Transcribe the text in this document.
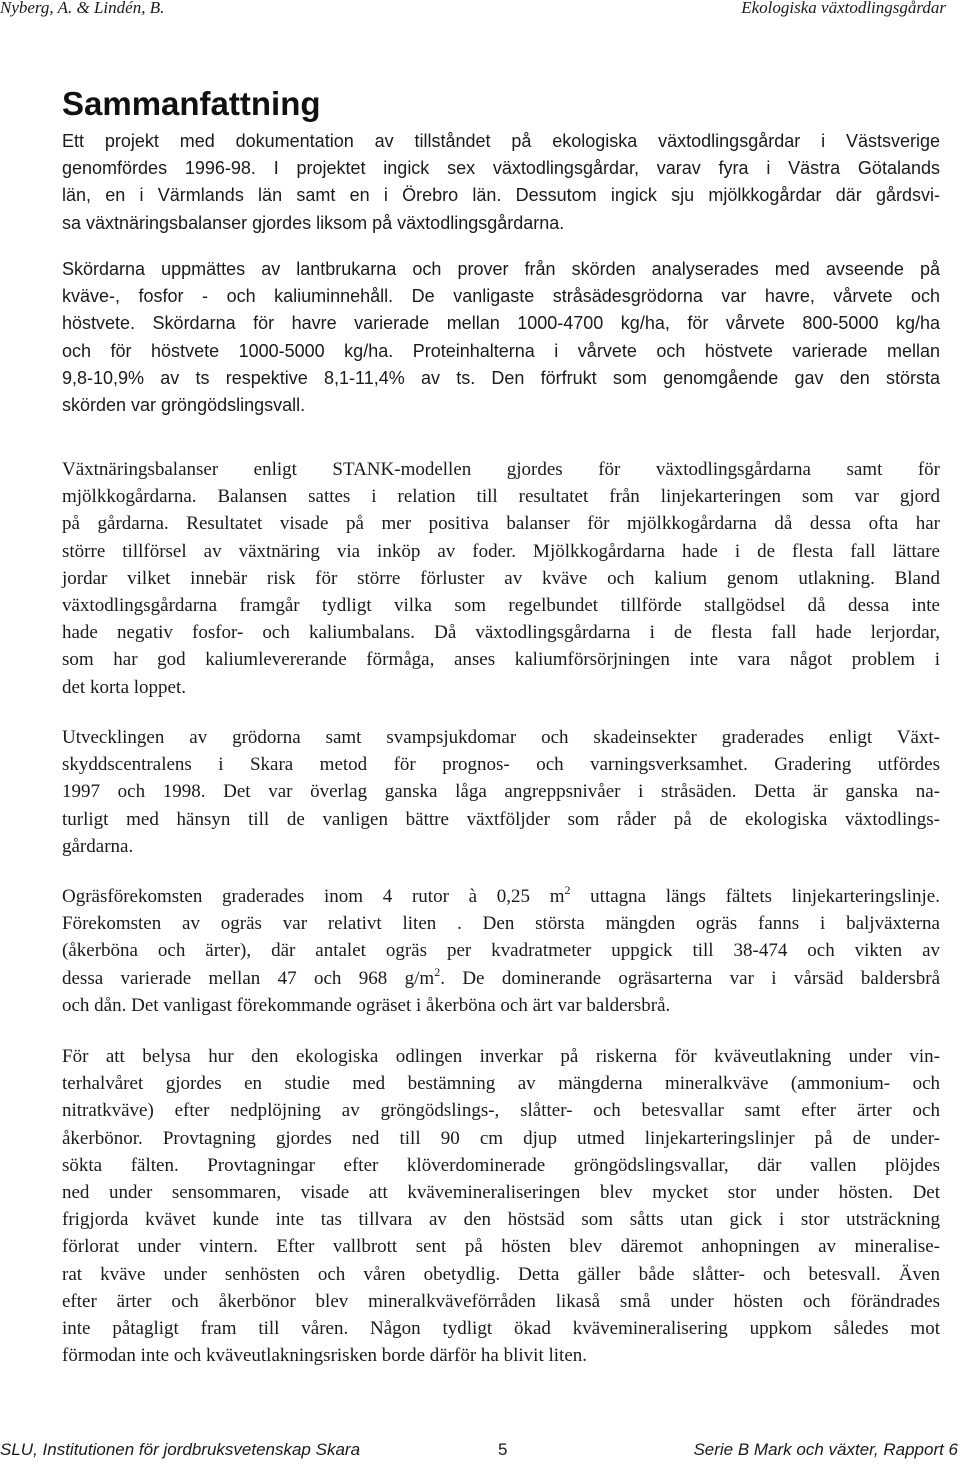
Nyberg, A. & Lindén, B.	Ekologiska växtodlingsgårdar
Sammanfattning
Ett projekt med dokumentation av tillståndet på ekologiska växtodlingsgårdar i Västsverige
genomfördes 1996-98. I projektet ingick sex växtodlingsgårdar, varav fyra i Västra Götalands
län, en i Värmlands län samt en i Örebro län. Dessutom ingick sju mjölkkogårdar där gårdsvi-
sa växtnäringsbalanser gjordes liksom på växtodlingsgårdarna.
Skördarna uppmättes av lantbrukarna och prover från skörden analyserades med avseende på
kväve-, fosfor - och kaliuminnehåll. De vanligaste stråsädesgrödorna var havre, vårvete och
höstvete. Skördarna för havre varierade mellan 1000-4700 kg/ha, för vårvete 800-5000 kg/ha
och för höstvete 1000-5000 kg/ha. Proteinhalterna i vårvete och höstvete varierade mellan
9,8-10,9% av ts respektive 8,1-11,4% av ts. Den förfrukt som genomgående gav den största
skörden var gröngödslingsvall.
Växtnäringsbalanser enligt STANK-modellen gjordes för växtodlingsgårdarna samt för
mjölkkogårdarna. Balansen sattes i relation till resultatet från linjekarteringen som var gjord
på gårdarna. Resultatet visade på mer positiva balanser för mjölkkogårdarna då dessa ofta har
större tillförsel av växtnäring via inköp av foder. Mjölkkogårdarna hade i de flesta fall lättare
jordar vilket innebär risk för större förluster av kväve och kalium genom utlakning. Bland
växtodlingsgårdarna framgår tydligt vilka som regelbundet tillförde stallgödsel då dessa inte
hade negativ fosfor- och kaliumbalans. Då växtodlingsgårdarna i de flesta fall hade lerjordar,
som har god kaliumlevererande förmåga, anses kaliumförsörjningen inte vara något problem i
det korta loppet.
Utvecklingen av grödorna samt svampsjukdomar och skadeinsekter graderades enligt Växt-
skyddscentralens i Skara metod för prognos- och varningsverksamhet. Gradering utfördes
1997 och 1998. Det var överlag ganska låga angreppsnivåer i stråsäden. Detta är ganska na-
turligt med hänsyn till de vanligen bättre växtföljder som råder på de ekologiska växtodlings-
gårdarna.
Ogräsförekomsten graderades inom 4 rutor à 0,25 $m^2$ uttagna längs fältets linjekarteringslinje.
Förekomsten av ogräs var relativt liten . Den största mängden ogräs fanns i baljväxterna
(åkerböna och ärter), där antalet ogräs per kvadratmeter uppgick till 38-474 och vikten av
dessa varierade mellan 47 och 968 $g/m^2$. De dominerande ogräsarterna var i vårsäd baldersbrå
och dån. Det vanligast förekommande ogräset i åkerböna och ärt var baldersbrå.
För att belysa hur den ekologiska odlingen inverkar på riskerna för kväveutlakning under vin-
terhalvåret gjordes en studie med bestämning av mängderna mineralkväve (ammonium- och
nitratkväve) efter nedplöjning av gröngödslings-, slåtter- och betesvallar samt efter ärter och
åkerbönor. Provtagning gjordes ned till 90 cm djup utmed linjekarteringslinjer på de under-
sökta fälten. Provtagningar efter klöverdominerade gröngödslingsvallar, där vallen plöjdes
ned under sensommaren, visade att kvävemineraliseringen blev mycket stor under hösten. Det
frigjorda kvävet kunde inte tas tillvara av den höstsäd som såtts utan gick i stor utsträckning
förlorat under vintern. Efter vallbrott sent på hösten blev däremot anhopningen av mineralise-
rat kväve under senhösten och våren obetydlig. Detta gäller både slåtter- och betesvall. Även
efter ärter och åkerbönor blev mineralkväveförråden likaså små under hösten och förändrades
inte påtagligt fram till våren. Någon tydligt ökad kvävemineralisering uppkom således mot
förmodan inte och kväveutlakningsrisken borde därför ha blivit liten.
SLU, Institutionen för jordbruksvetenskap Skara	5	Serie B Mark och växter, Rapport 6
